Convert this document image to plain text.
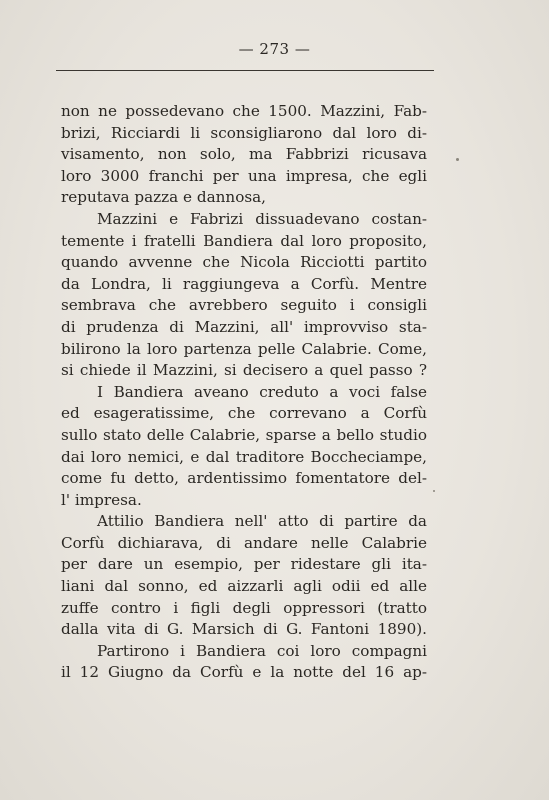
— 273 —
non ne possedevano che 1500. Mazzini, Fab-
brizi, Ricciardi li sconsigliarono dal loro di-
visamento, non solo, ma Fabbrizi ricusava
loro 3000 franchi per una impresa, che egli
reputava pazza e dannosa,
Mazzini e Fabrizi dissuadevano costan-
temente i fratelli Bandiera dal loro proposito,
quando avvenne che Nicola Ricciotti partito
da Londra, li raggiungeva a Corfù. Mentre
sembrava che avrebbero seguito i consigli
di prudenza di Mazzini, all' improvviso sta-
bilirono la loro partenza pelle Calabrie. Come,
si chiede il Mazzini, si decisero a quel passo ?
I Bandiera aveano creduto a voci false
ed esageratissime, che correvano a Corfù
sullo stato delle Calabrie, sparse a bello studio
dai loro nemici, e dal traditore Boccheciampe,
come fu detto, ardentissimo fomentatore del-
l' impresa.
Attilio Bandiera nell' atto di partire da
Corfù dichiarava, di andare nelle Calabrie
per dare un esempio, per ridestare gli ita-
liani dal sonno, ed aizzarli agli odii ed alle
zuffe contro i figli degli oppressori (tratto
dalla vita di G. Marsich di G. Fantoni 1890).
Partirono i Bandiera coi loro compagni
il 12 Giugno da Corfù e la notte del 16 ap-
